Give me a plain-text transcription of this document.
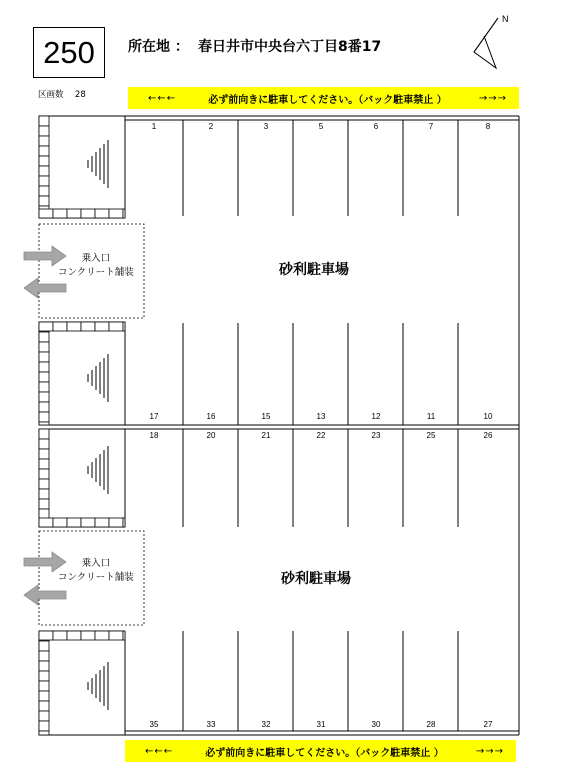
250	所在地 ： 春日井市中央台六丁目8番17
N
区画数 28	←←←	必ず前向きに駐車してください。（バック駐車禁止 ）	→→→
←←←	必ず前向きに駐車してください。（バック駐車禁止 ）	→→→
1	2	3	5	6	7	8
17	16	15	13	12	11	10
18	20	21	22	23	25	26
35	33	32	31	30	28	27
乗入口
コンクリート舗装
乗入口
コンクリート舗装
砂利駐車場
砂利駐車場
